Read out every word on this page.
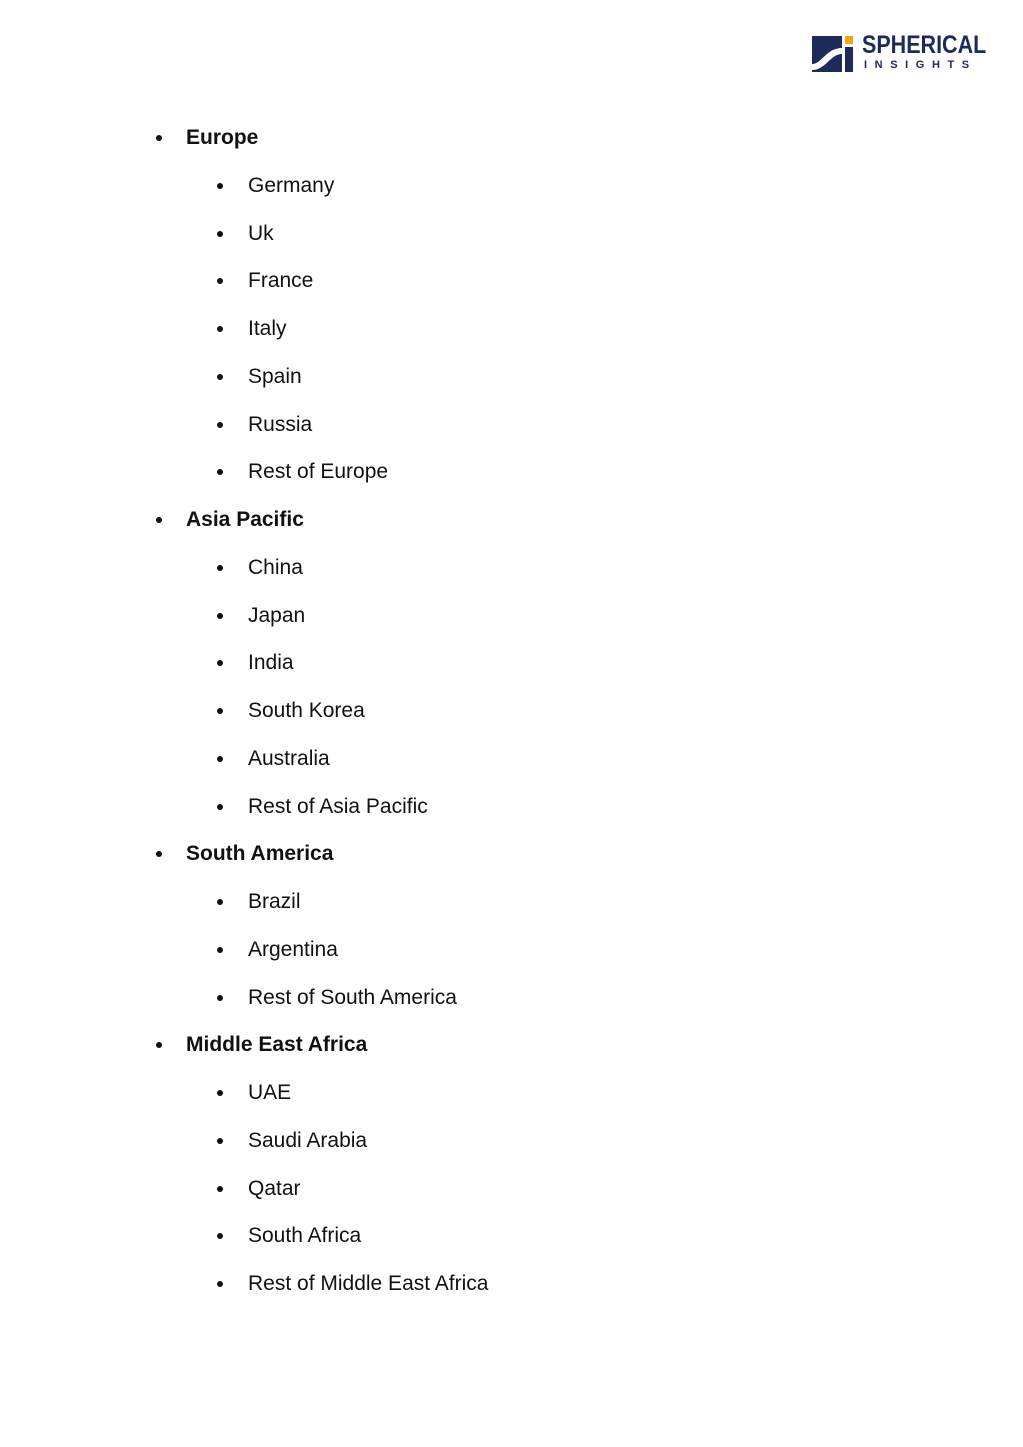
SPHERICAL
INSIGHTS
Europe
Germany
Uk
France
Italy
Spain
Russia
Rest of Europe
Asia Pacific
China
Japan
India
South Korea
Australia
Rest of Asia Pacific
South America
Brazil
Argentina
Rest of South America
Middle East Africa
UAE
Saudi Arabia
Qatar
South Africa
Rest of Middle East Africa
